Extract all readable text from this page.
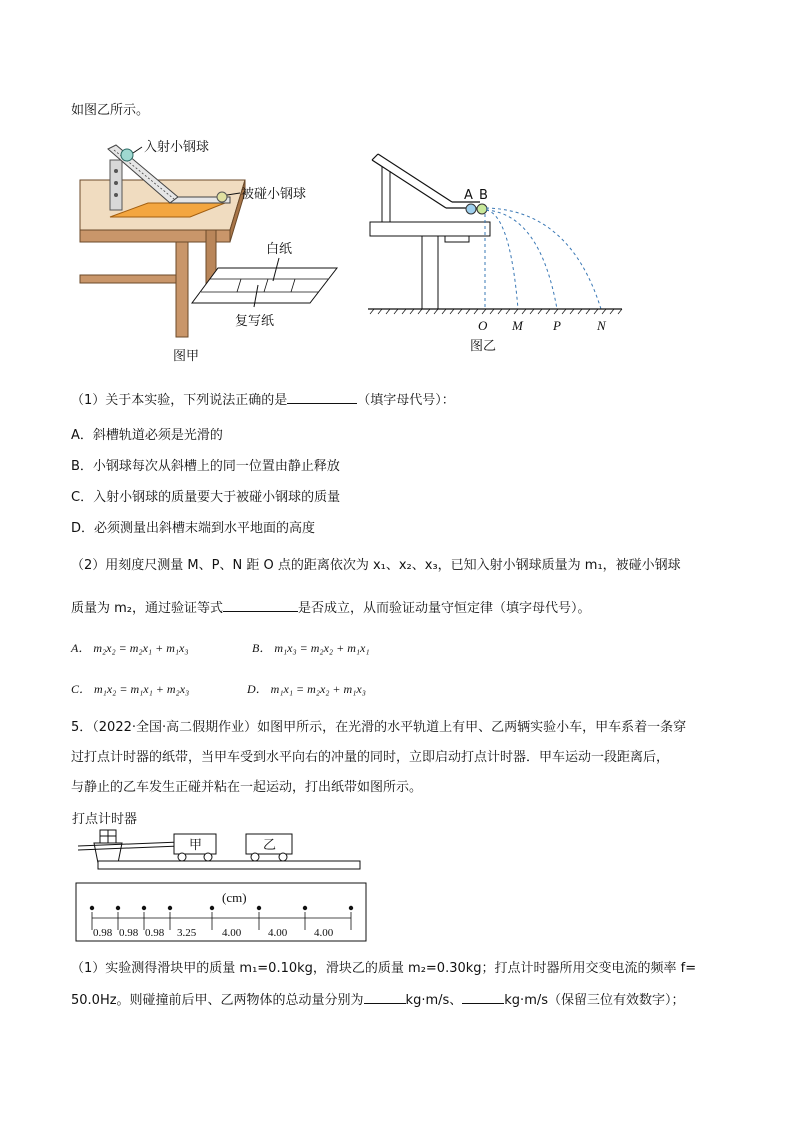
如图乙所示。
入射小钢球
被碰小钢球
白纸
复写纸
图甲
A B
O M P	N
图乙
（1）关于本实验，下列说法正确的是	（填字母代号）：
A．斜槽轨道必须是光滑的
B．小钢球每次从斜槽上的同一位置由静止释放
C．入射小钢球的质量要大于被碰小钢球的质量
D．必须测量出斜槽末端到水平地面的高度
（2）用刻度尺测量 M、P、N 距 O 点的距离依次为 x₁、x₂、x₃，已知入射小钢球质量为 m₁，被碰小钢球
质量为 m₂，通过验证等式	是否成立，从而验证动量守恒定律（填字母代号）。
A． m₂x₂ = m₂x₁ + m₁x₃	B． m₁x₃ = m₂x₂ + m₁x₁
C． m₁x₂ = m₁x₁ + m₂x₃	D． m₁x₁ = m₂x₂ + m₁x₃
5．（2022·全国·高二假期作业）如图甲所示，在光滑的水平轨道上有甲、乙两辆实验小车，甲车系着一条穿
过打点计时器的纸带，当甲车受到水平向右的冲量的同时，立即启动打点计时器．甲车运动一段距离后，
与静止的乙车发生正碰并粘在一起运动，打出纸带如图所示。
打点计时器
甲	乙
(cm)
0.98 0.98 0.98 3.25 4.00 4.00 4.00
（1）实验测得滑块甲的质量 m₁=0.10kg，滑块乙的质量 m₂=0.30kg；打点计时器所用交变电流的频率 f=
50.0Hz。则碰撞前后甲、乙两物体的总动量分别为	kg·m/s、	kg·m/s（保留三位有效数字）；
